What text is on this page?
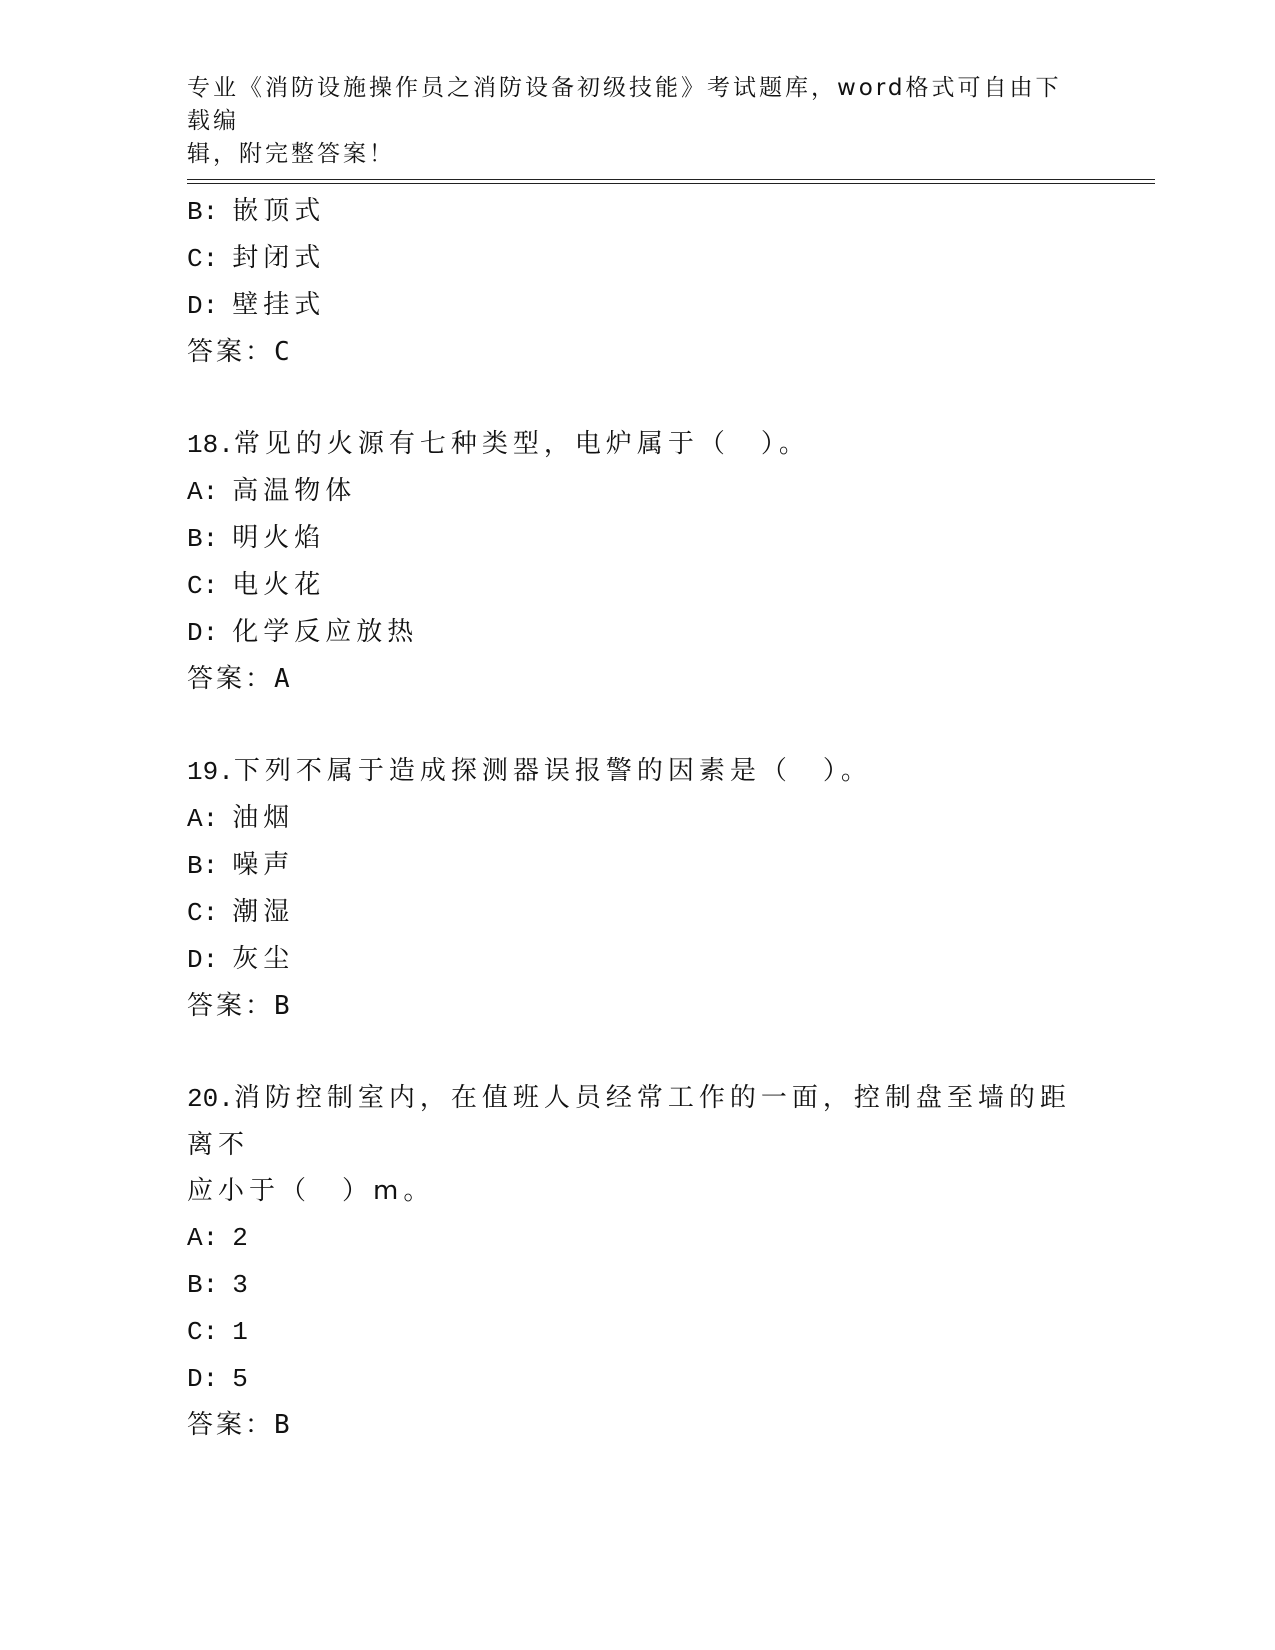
专业《消防设施操作员之消防设备初级技能》考试题库，word格式可自由下载编
辑，附完整答案！
B: 嵌顶式
C: 封闭式
D: 壁挂式
答案：C
18.常见的火源有七种类型，电炉属于（　）。
A: 高温物体
B: 明火焰
C: 电火花
D: 化学反应放热
答案：A
19.下列不属于造成探测器误报警的因素是（　）。
A: 油烟
B: 噪声
C: 潮湿
D: 灰尘
答案：B
20.消防控制室内，在值班人员经常工作的一面，控制盘至墙的距离不
应小于（　）m。
A: 2
B: 3
C: 1
D: 5
答案：B
